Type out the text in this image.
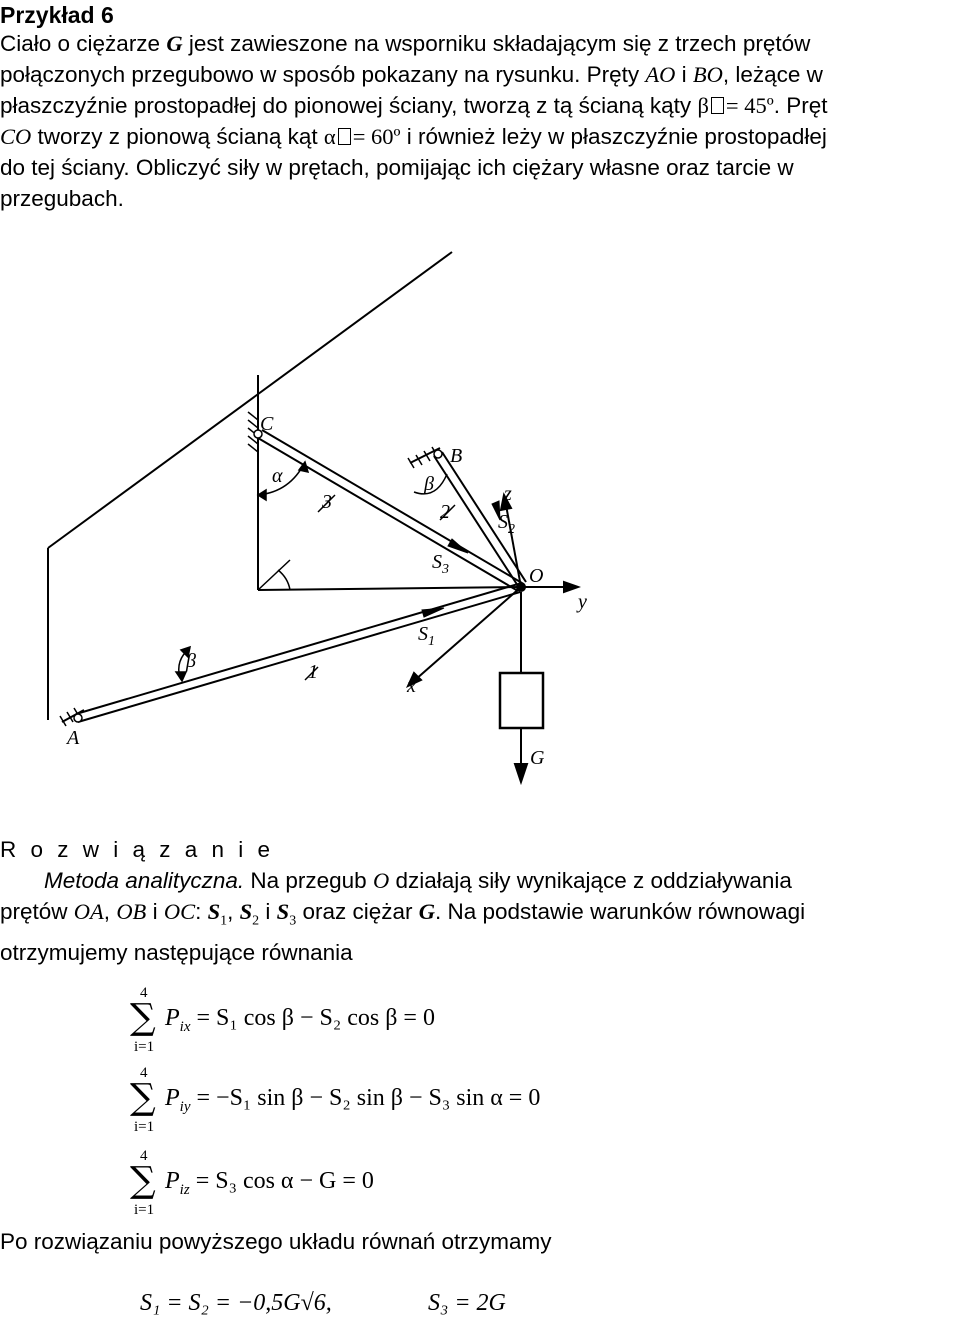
Przykład 6
Ciało o ciężarze G jest zawieszone na wsporniku składającym się z trzech prętów
połączonych przegubowo w sposób pokazany na rysunku. Pręty AO i BO, leżące w
płaszczyźnie prostopadłej do pionowej ściany, tworzą z tą ścianą kąty β = 45º. Pręt
CO tworzy z pionową ścianą kąt α = 60º i również leży w płaszczyźnie prostopadłej
do tej ściany. Obliczyć siły w prętach, pomijając ich ciężary własne oraz tarcie w
przegubach.
C
B
A
O
y
z
x
G
α	β
β
3	2
1
$S_2$
$S_3$
$S_1$
R o z w i ą z a n i e
Metoda analityczna. Na przegub O działają siły wynikające z oddziaływania
prętów OA, OB i OC: $S_1$, $S_2$ i $S_3$ oraz ciężar G. Na podstawie warunków równowagi
otrzymujemy następujące równania
4
∑
i=1
$P_{ix} = S_1$ cos β − S₂ cos β = 0
4
∑
i=1
$P_{iy} = -S_1$ sin β − S₂ sin β − S₃ sin α = 0
4
∑
i=1
$P_{iz} = S_3$ cos α − G = 0
Po rozwiązaniu powyższego układu równań otrzymamy
S₁ = S₂ = −0,5G√6,	S₃ = 2G
